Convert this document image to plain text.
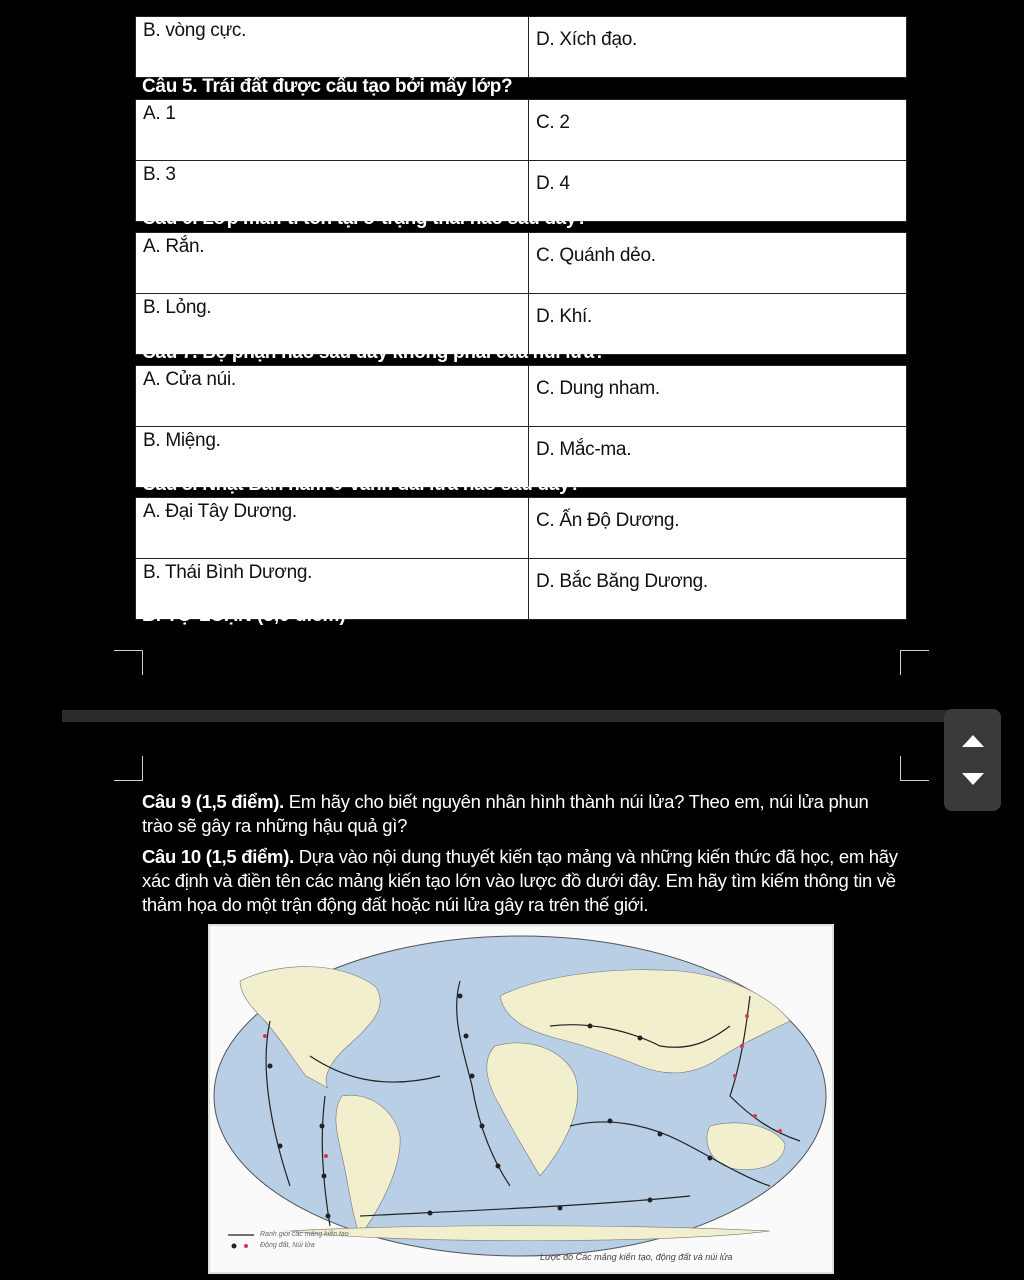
B. vòng cực.	D. Xích đạo.
Câu 5. Trái đất được cấu tạo bởi mấy lớp?
A. 1	C. 2
B. 3	D. 4
Câu 6. Lớp man-ti tồn tại ở trạng thái nào sau đây?
A. Rắn.	C. Quánh dẻo.
B. Lỏng.	D. Khí.
Câu 7. Bộ phận nào sau đây không phải của núi lửa?
A. Cửa núi.	C. Dung nham.
B. Miệng.	D. Mắc-ma.
Câu 8. Nhật Bản nằm ở vành đai lửa nào sau đây?
A. Đại Tây Dương.	C. Ấn Độ Dương.
B. Thái Bình Dương.	D. Bắc Băng Dương.
B. TỰ LUẬN (3,0 điểm)
Câu 9 (1,5 điểm). Em hãy cho biết nguyên nhân hình thành núi lửa? Theo em, núi lửa phun trào sẽ gây ra những hậu quả gì?
Câu 10 (1,5 điểm). Dựa vào nội dung thuyết kiến tạo mảng và những kiến thức đã học, em hãy xác định và điền tên các mảng kiến tạo lớn vào lược đồ dưới đây. Em hãy tìm kiếm thông tin về thảm họa do một trận động đất hoặc núi lửa gây ra trên thế giới.
Ranh giới các mảng kiến tạo
Động đất, Núi lửa
Lược đồ Các mảng kiến tạo, động đất và núi lửa
